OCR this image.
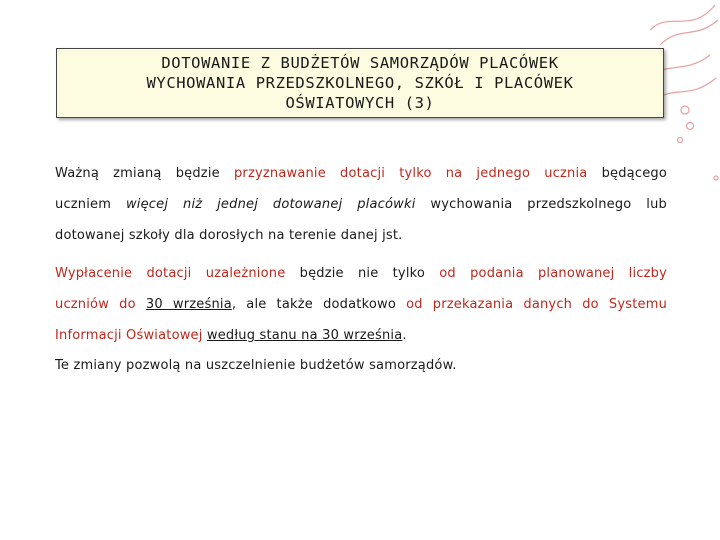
DOTOWANIE Z BUDŻETÓW SAMORZĄDÓW PLACÓWEK
WYCHOWANIA PRZEDSZKOLNEGO, SZKÓŁ I PLACÓWEK
OŚWIATOWYCH (3)

Ważną zmianą będzie przyznawanie dotacji tylko na jednego ucznia będącego
uczniem więcej niż jednej dotowanej placówki wychowania przedszkolnego lub
dotowanej szkoły dla dorosłych na terenie danej jst.

Wypłacenie dotacji uzależnione będzie nie tylko od podania planowanej liczby
uczniów do 30 września, ale także dodatkowo od przekazania danych do Systemu
Informacji Oświatowej według stanu na 30 września.

Te zmiany pozwolą na uszczelnienie budżetów samorządów.
